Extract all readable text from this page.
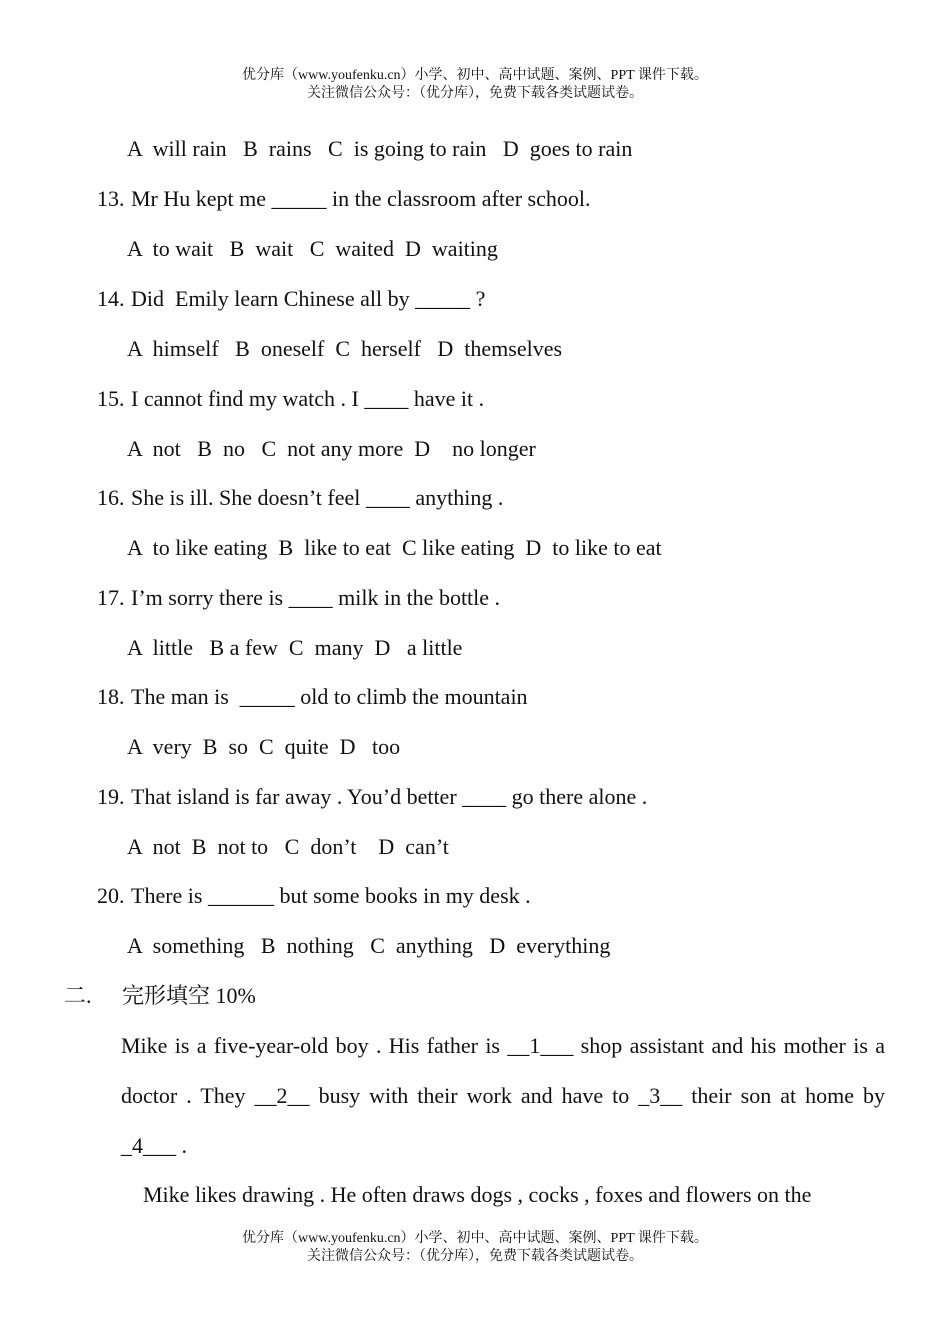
优分库（www.youfenku.cn）小学、初中、高中试题、案例、PPT 课件下载。
关注微信公众号：（优分库），免费下载各类试题试卷。
A  will rain   B  rains   C  is going to rain   D  goes to rain
13. Mr Hu kept me _____ in the classroom after school.
A  to wait   B  wait   C  waited  D  waiting
14. Did  Emily learn Chinese all by _____ ?
A  himself   B  oneself  C  herself   D  themselves
15. I cannot find my watch . I ____ have it .
A  not   B  no   C  not any more  D    no longer
16. She is ill. She doesn’t feel ____ anything .
A  to like eating  B  like to eat  C like eating  D  to like to eat
17. I’m sorry there is ____ milk in the bottle .
A  little   B a few  C  many  D   a little
18. The man is  _____ old to climb the mountain
A  very  B  so  C  quite  D   too
19. That island is far away . You’d better ____ go there alone .
A  not  B  not to   C  don’t    D  can’t
20. There is ______ but some books in my desk .
A  something   B  nothing   C  anything   D  everything
二. 完形填空 10%

Mike is a five-year-old boy . His father is __1___ shop assistant and his mother is a doctor . They __2__ busy with their work and have to _3__ their son at home by _4___ .

Mike likes drawing . He often draws dogs , cocks , foxes and flowers on the
优分库（www.youfenku.cn）小学、初中、高中试题、案例、PPT 课件下载。
关注微信公众号：（优分库），免费下载各类试题试卷。
